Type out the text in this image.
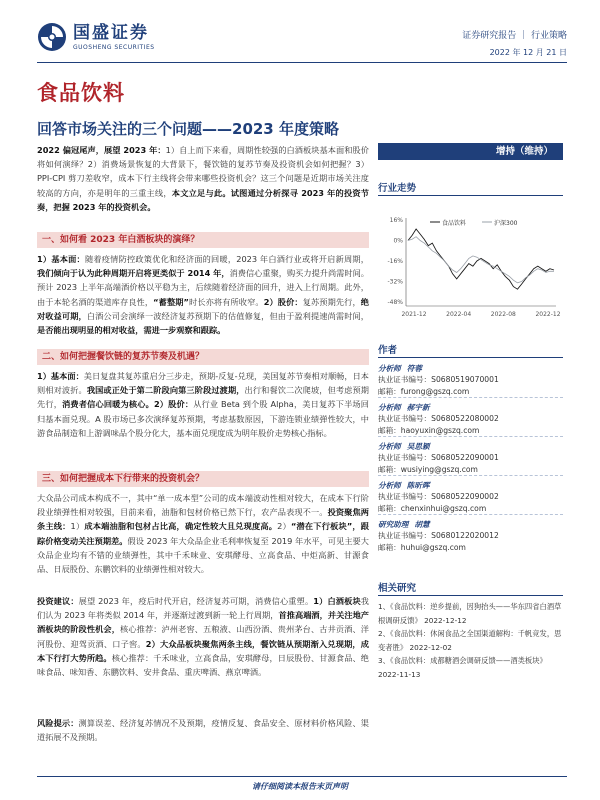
国盛证券
GUOSHENG SECURITIES
证券研究报告 ｜ 行业策略
2022 年 12 月 21 日
食品饮料
回答市场关注的三个问题——2023 年度策略
2022 偏冠尾声，展望 2023 年：1）自上而下来看，周期性较强的白酒板块基本面和股价将如何演绎？2）消费场景恢复的大背景下，餐饮链的复苏节奏及投资机会如何把握？3）PPI-CPI 剪刀差收窄，成本下行主线将会带来哪些投资机会？这三个问题是近期市场关注度较高的方向，亦是明年的三重主线，本文立足与此。试图通过分析探寻 2023 年的投资节奏，把握 2023 年的投资机会。
一、如何看 2023 年白酒板块的演绎？
1）基本面：随着疫情防控政策优化和经济面的回暖，2023 年白酒行业或将开启新周期，我们倾向于认为此种周期开启将更类似于 2014 年，消费信心重聚，购买力提升尚需时间。预计 2023 上半年高端酒价格以平稳为主，后续随着经济面的回升，进入上行周期。此外，由于本轮名酒的渠道库存良性，“蓄整期”时长亦将有所收窄。2）股价：复苏预期先行，绝对收益可期，白酒公司会演绎一波经济复苏预期下的估值修复，但由于盈利提速尚需时间，是否能出现明显的相对收益，需进一步观察和跟踪。
二、如何把握餐饮链的复苏节奏及机遇？
1）基本面：美日复盘其复苏重启分三步走，预期-反复-兑现，美国复苏节奏相对顺畅，日本则相对波折。我国或正处于第二阶段向第三阶段过渡期，出行和餐饮二次爬坡，但考虑预期先行，消费者信心回暖为核心。2）股价：从行业 Beta 到个股 Alpha，美日复苏下半场回归基本面兑现。A 股市场已多次演绎复苏预期，考虑基数原因，下游连锁业绩弹性较大，中游食品制造和上游调味品个股分化大，基本面兑现度成为明年股价走势核心指标。
三、如何把握成本下行带来的投资机会？
大众品公司成本构成不一，其中“单一成本型”公司的成本端波动性相对较大，在成本下行阶段业绩弹性相对较强，目前来看，油脂和包材价格已然下行，农产品表现不一。投资聚焦两条主线：1）成本端油脂和包材占比高，确定性较大且兑现度高。2）“潜在下行板块”，跟踪价格变动关注预期差。假设 2023 年大众品企业毛利率恢复至 2019 年水平，可见主要大众品企业均有不错的业绩弹性，其中千禾味业、安琪酵母、立高食品、中炬高新、甘源食品、日辰股份、东鹏饮料的业绩弹性相对较大。
投资建议：展望 2023 年，疫后时代开启，经济复苏可期，消费信心重塑。1）白酒板块我们认为 2023 年将类似 2014 年，并逐渐过渡到新一轮上行周期，首推高端酒，并关注地产酒板块的阶段性机会，核心推荐：泸州老窖、五粮液、山西汾酒、贵州茅台、古井贡酒、洋河股份、迎驾贡酒、口子窖。2）大众品板块聚焦两条主线，餐饮链从预期渐入兑现期，成本下行打大势所趋。核心推荐：千禾味业，立高食品，安琪酵母，日辰股份、甘源食品、绝味食品、味知香、东鹏饮料、安井食品、重庆啤酒、燕京啤酒。
风险提示：测算误差、经济复苏情况不及预期，疫情反复、食品安全、原材料价格风险、渠道拓展不及预期。
增持（维持）
行业走势
16%
0%
-16%
-32%
-48%
2021-12	2022-04	2022-08	2022-12
食品饮料	沪深300
作者
分析师 符蓉
执业证书编号：S0680519070001
邮箱：furong@gszq.com
分析师 郝宇新
执业证书编号：S0680522080002
邮箱：haoyuxin@gszq.com
分析师 吴思颖
执业证书编号：S0680522090001
邮箱：wusiying@gszq.com
分析师 陈昕晖
执业证书编号：S0680522090002
邮箱：chenxinhui@gszq.com
研究助理 胡慧
执业证书编号：S0680122020012
邮箱：huhui@gszq.com
相关研究
1、《食品饮料：逆乡提前，因狗抬头——华东四省白酒草根调研反馈》 2022-12-12
2、《食品饮料：休闲食品之全国渠道解构：千帆竞发，思变者胜》 2022-12-02
3、《食品饮料：成都糖酒会调研反馈——酒类板块》 2022-11-13
请仔细阅读本报告末页声明
